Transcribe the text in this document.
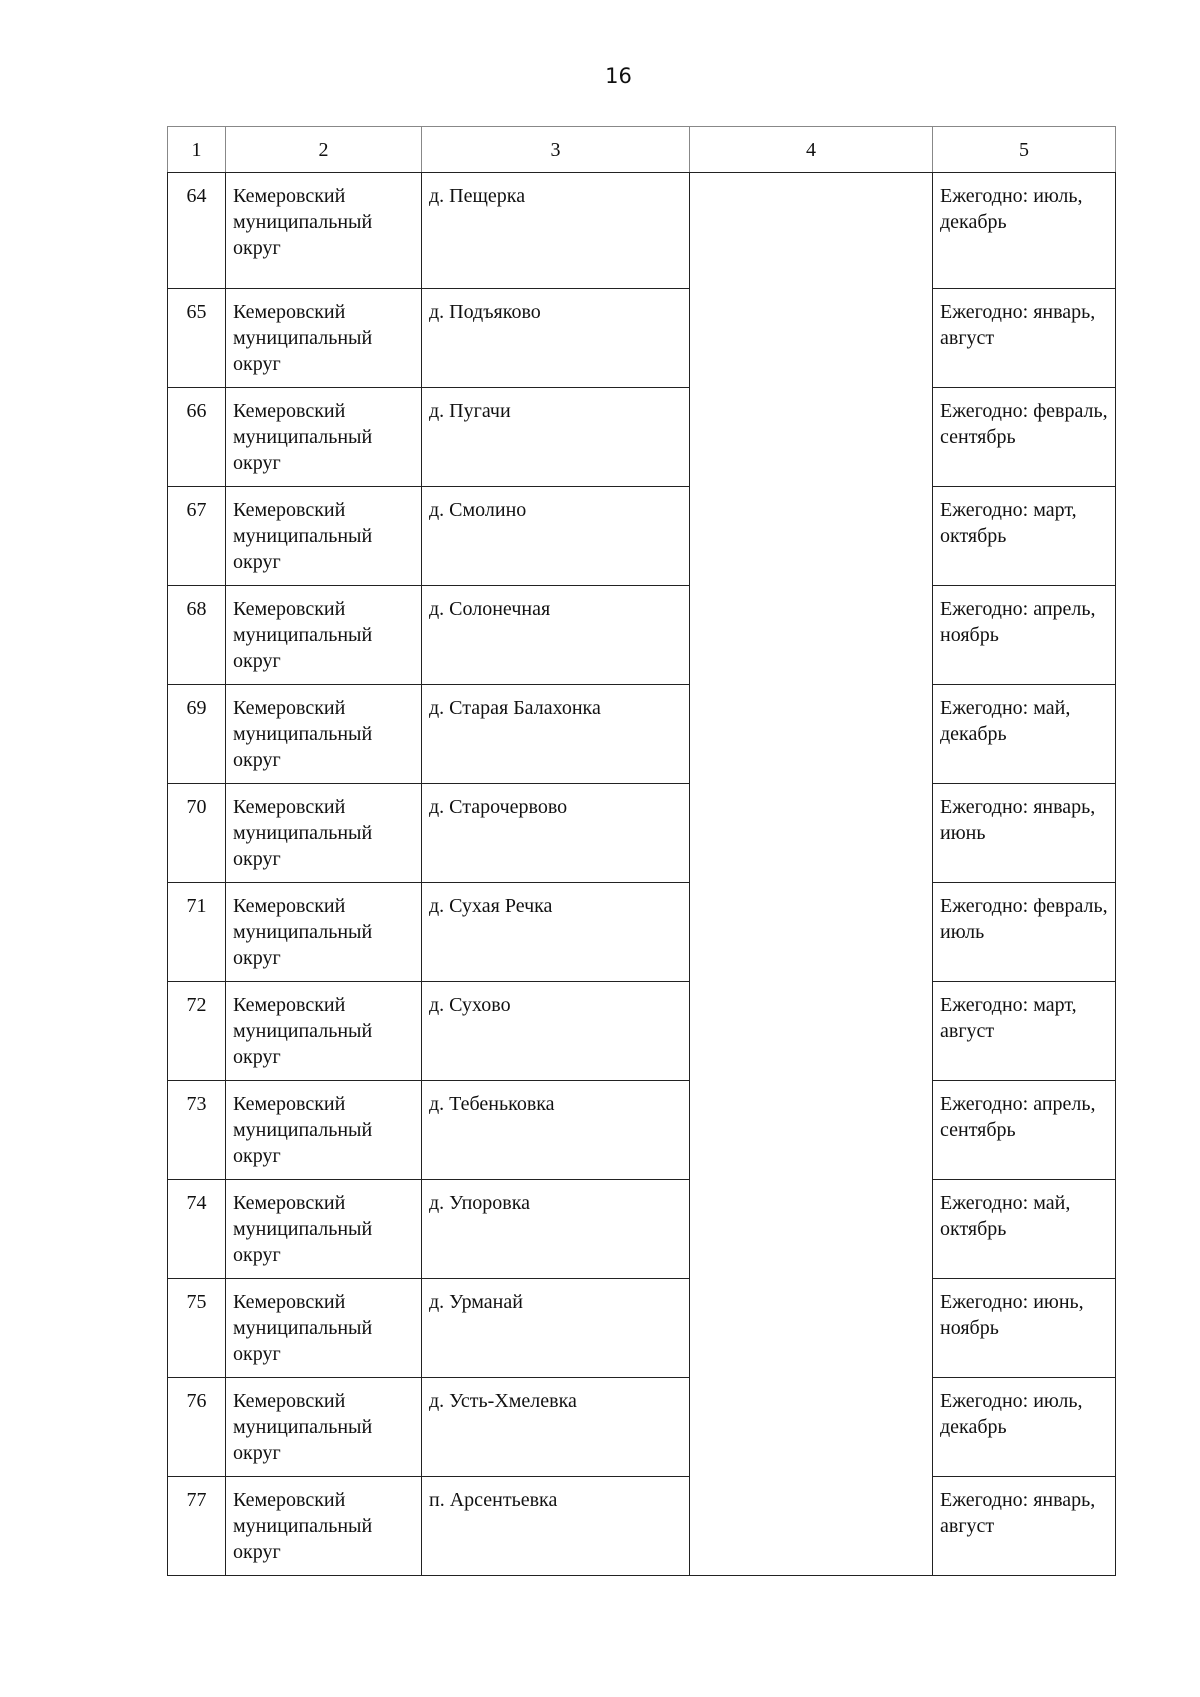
16
1	2	3	4	5
64	Кемеровский муниципальный округ	д. Пещерка		Ежегодно: июль, декабрь
65	Кемеровский муниципальный округ	д. Подъяково		Ежегодно: январь, август
66	Кемеровский муниципальный округ	д. Пугачи		Ежегодно: февраль, сентябрь
67	Кемеровский муниципальный округ	д. Смолино		Ежегодно: март, октябрь
68	Кемеровский муниципальный округ	д. Солонечная		Ежегодно: апрель, ноябрь
69	Кемеровский муниципальный округ	д. Старая Балахонка		Ежегодно: май, декабрь
70	Кемеровский муниципальный округ	д. Старочервово		Ежегодно: январь, июнь
71	Кемеровский муниципальный округ	д. Сухая Речка		Ежегодно: февраль, июль
72	Кемеровский муниципальный округ	д. Сухово		Ежегодно: март, август
73	Кемеровский муниципальный округ	д. Тебеньковка		Ежегодно: апрель, сентябрь
74	Кемеровский муниципальный округ	д. Упоровка		Ежегодно: май, октябрь
75	Кемеровский муниципальный округ	д. Урманай		Ежегодно: июнь, ноябрь
76	Кемеровский муниципальный округ	д. Усть-Хмелевка		Ежегодно: июль, декабрь
77	Кемеровский муниципальный округ	п. Арсентьевка		Ежегодно: январь, август
